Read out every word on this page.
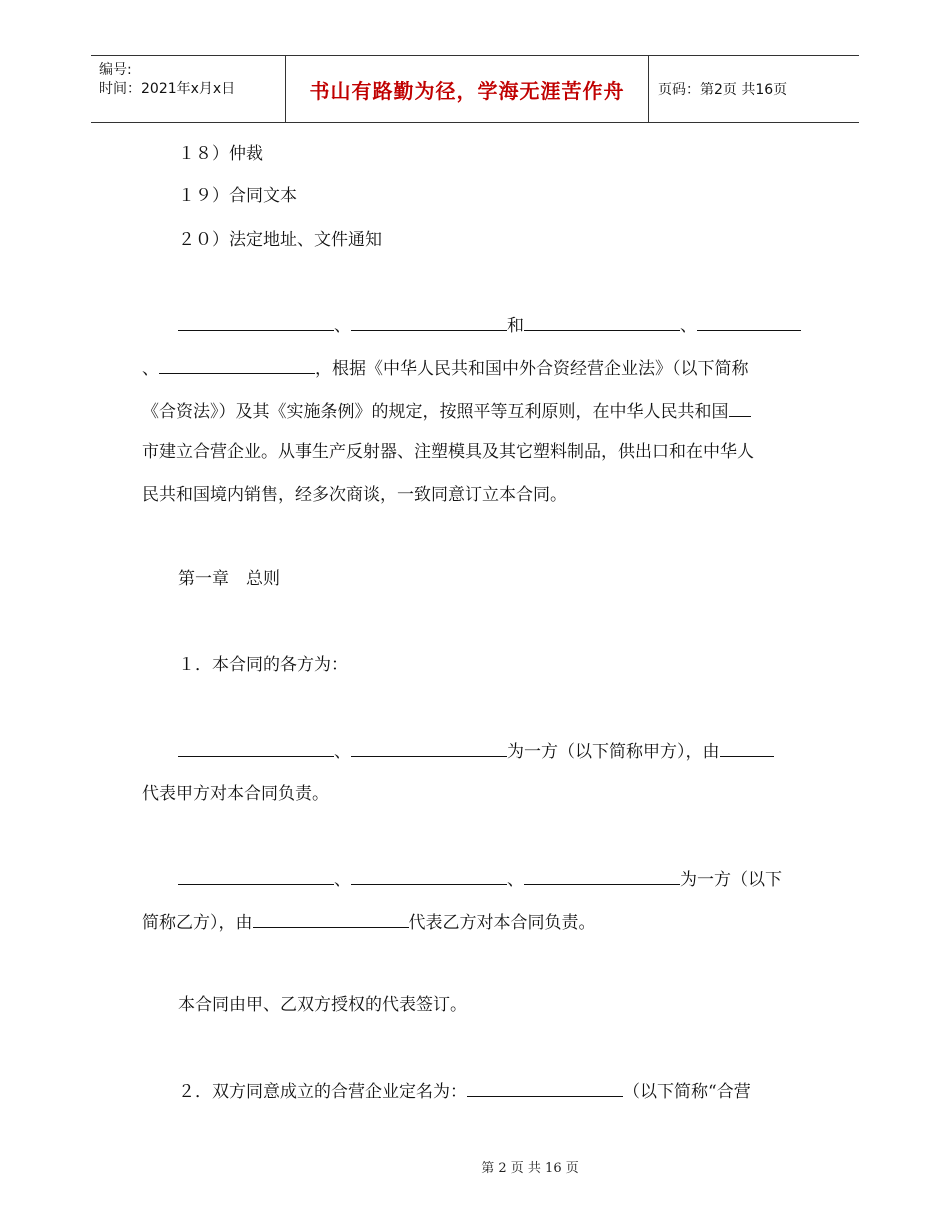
编号:
时间：2021年x月x日	书山有路勤为径，学海无涯苦作舟 页码：第2页 共16页
１８）仲裁
１９）合同文本
２０）法定地址、文件通知
、	和	、
、	，根据《中华人民共和国中外合资经营企业法》（以下简称
《合资法》）及其《实施条例》的规定，按照平等互利原则，在中华人民共和国
市建立合营企业。从事生产反射器、注塑模具及其它塑料制品，供出口和在中华人
民共和国境内销售，经多次商谈，一致同意订立本合同。
第一章　总则
１．本合同的各方为：
、	为一方（以下简称甲方），由
代表甲方对本合同负责。
、	、	为一方（以下
简称乙方），由	代表乙方对本合同负责。
本合同由甲、乙双方授权的代表签订。
２．双方同意成立的合营企业定名为：	（以下简称“合营
第 2 页 共 16 页
